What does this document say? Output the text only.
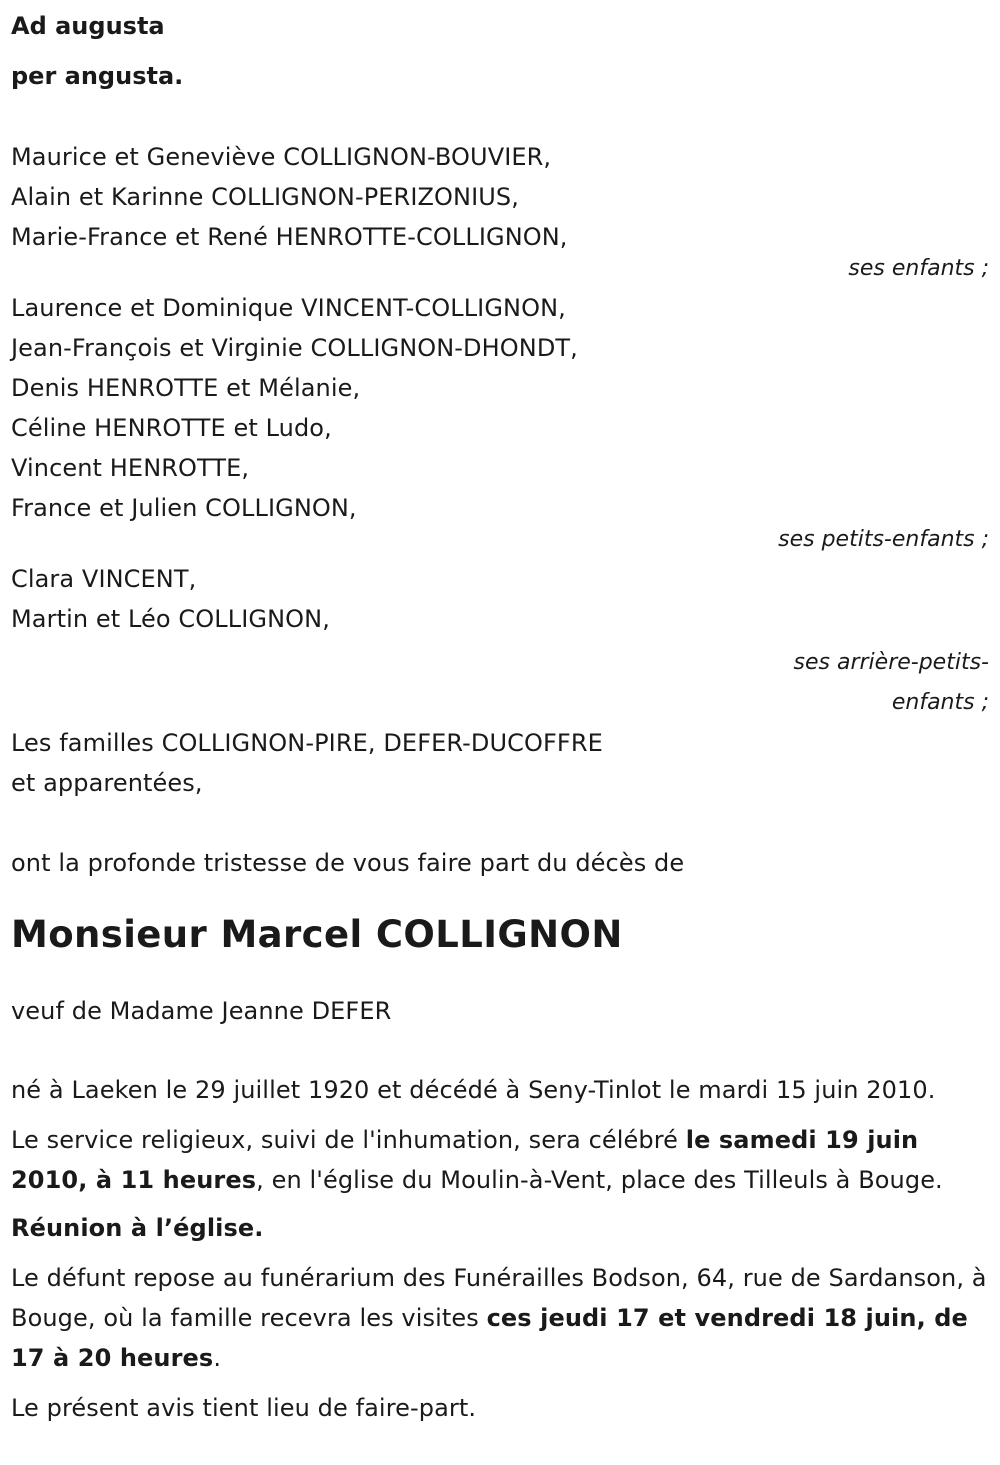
Ad augusta
per angusta.
Maurice et Geneviève COLLIGNON-BOUVIER,
Alain et Karinne COLLIGNON-PERIZONIUS,
Marie-France et René HENROTTE-COLLIGNON,
ses enfants ;
Laurence et Dominique VINCENT-COLLIGNON,
Jean-François et Virginie COLLIGNON-DHONDT,
Denis HENROTTE et Mélanie,
Céline HENROTTE et Ludo,
Vincent HENROTTE,
France et Julien COLLIGNON,
ses petits-enfants ;
Clara VINCENT,
Martin et Léo COLLIGNON,
ses arrière-petits-
enfants ;
Les familles COLLIGNON-PIRE, DEFER-DUCOFFRE
et apparentées,
ont la profonde tristesse de vous faire part du décès de
Monsieur Marcel COLLIGNON
veuf de Madame Jeanne DEFER
né à Laeken le 29 juillet 1920 et décédé à Seny-Tinlot le mardi 15 juin 2010.
Le service religieux, suivi de l'inhumation, sera célébré le samedi 19 juin 2010, à 11 heures, en l'église du Moulin-à-Vent, place des Tilleuls à Bouge.
Réunion à l’église.
Le défunt repose au funérarium des Funérailles Bodson, 64, rue de Sardanson, à Bouge, où la famille recevra les visites ces jeudi 17 et vendredi 18 juin, de 17 à 20 heures.
Le présent avis tient lieu de faire-part.
